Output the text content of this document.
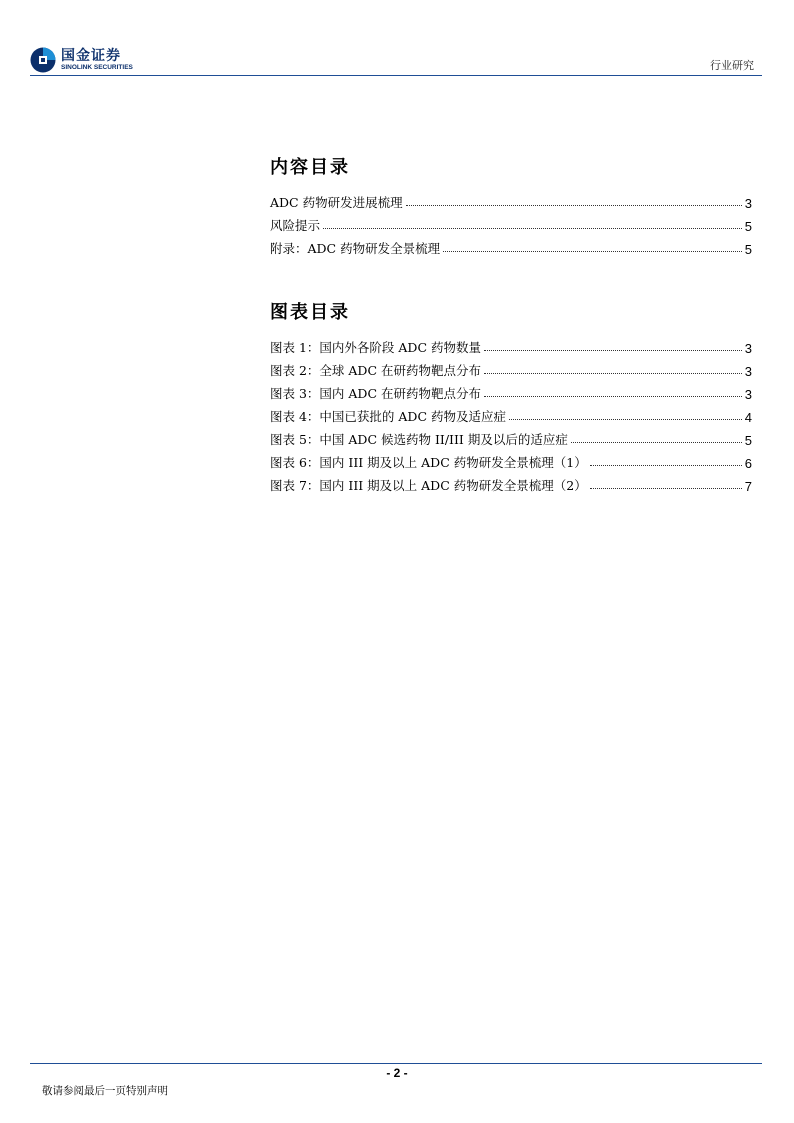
国金证券
SINOLINK SECURITIES	行业研究
内容目录
ADC 药物研发进展梳理	3
风险提示	5
附录：ADC 药物研发全景梳理	5
图表目录
图表 1：国内外各阶段 ADC 药物数量	3
图表 2：全球 ADC 在研药物靶点分布	3
图表 3：国内 ADC 在研药物靶点分布	3
图表 4：中国已获批的 ADC 药物及适应症	4
图表 5：中国 ADC 候选药物 II/III 期及以后的适应症	5
图表 6：国内 III 期及以上 ADC 药物研发全景梳理（1）	6
图表 7：国内 III 期及以上 ADC 药物研发全景梳理（2）	7
- 2 -
敬请参阅最后一页特别声明
